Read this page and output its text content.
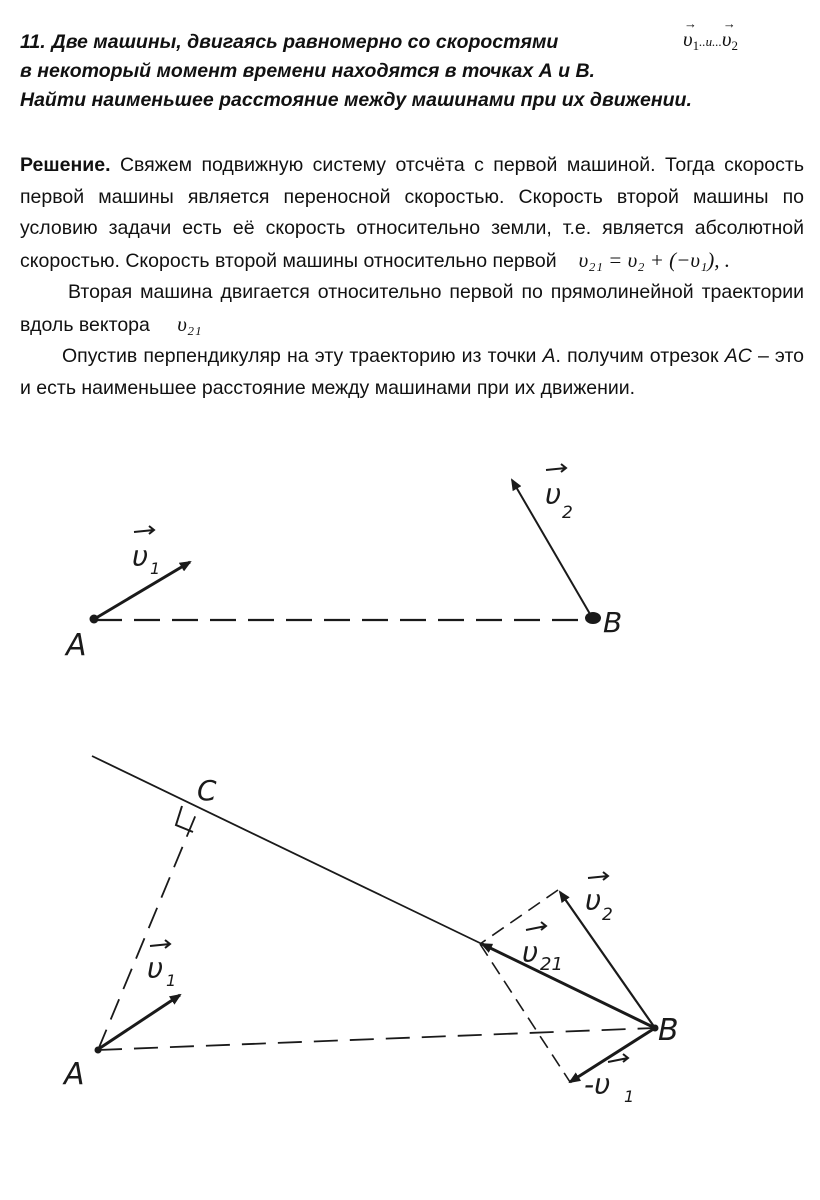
11. Две машины, двигаясь равномерно со скоростями
в некоторый момент времени находятся в точках А и В.
Найти наименьшее расстояние между машинами при их движении.
→ $\upsilon_1..и...\to \upsilon_2$

Решение. Свяжем подвижную систему отсчёта с первой машиной. Тогда скорость первой машины является переносной скоростью. Скорость второй машины по условию задачи есть её скорость относительно земли, т.е. является абсолютной скоростью. Скорость второй машины относительно первой υ₂₁ = υ₂ + (−υ₁), .

Вторая машина двигается относительно первой по прямолинейной траектории вдоль вектора υ₂₁

Опустив перпендикуляр на эту траекторию из точки A. получим отрезок AC – это и есть наименьшее расстояние между машинами при их движении.

A
B
υ 1
υ
2
A
B
C
υ 1
υ 21
υ 2
-υ 1
